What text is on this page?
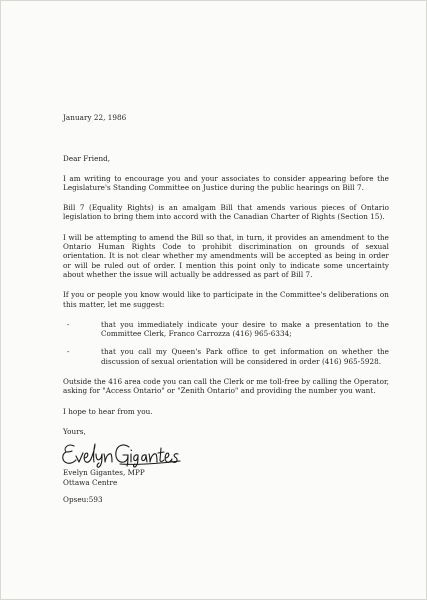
January 22, 1986

Dear Friend,

I am writing to encourage you and your associates to consider appearing before the Legislature's Standing Committee on Justice during the public hearings on Bill 7.

Bill 7 (Equality Rights) is an amalgam Bill that amends various pieces of Ontario legislation to bring them into accord with the Canadian Charter of Rights (Section 15).

I will be attempting to amend the Bill so that, in turn, it provides an amendment to the Ontario Human Rights Code to prohibit discrimination on grounds of sexual orientation. It is not clear whether my amendments will be accepted as being in order or will be ruled out of order. I mention this point only to indicate some uncertainty about whether the issue will actually be addressed as part of Bill 7.

If you or people you know would like to participate in the Committee's deliberations on this matter, let me suggest:

-	that you immediately indicate your desire to make a presentation to the Committee Clerk, Franco Carrozza (416) 965-6334;
-	that you call my Queen's Park office to get information on whether the discussion of sexual orientation will be considered in order (416) 965-5928.

Outside the 416 area code you can call the Clerk or me toll-free by calling the Operator, asking for "Access Ontario" or "Zenith Ontario" and providing the number you want.

I hope to hear from you.

Yours,

Evelyn Gigantes, MPP

Ottawa Centre

Opseu:593
